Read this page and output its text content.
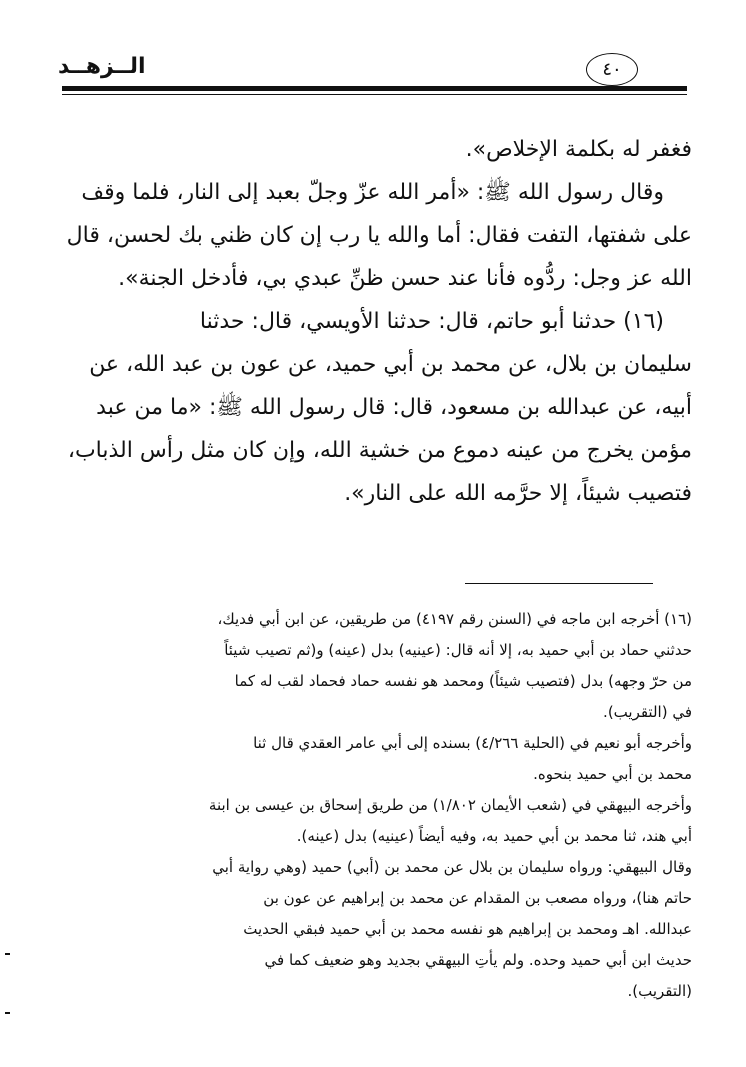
٤٠
الــزهــد

فغفر له بكلمة الإخلاص».

وقال رسول الله ﷺ: «أمر الله عزّ وجلّ بعبد إلى النار، فلما وقف

على شفتها، التفت فقال: أما والله يا رب إن كان ظني بك لحسن، قال

الله عز وجل: ردُّوه فأنا عند حسن ظنِّ عبدي بي، فأدخل الجنة».

(١٦) حدثنا أبو حاتم، قال: حدثنا الأويسي، قال: حدثنا

سليمان بن بلال، عن محمد بن أبي حميد، عن عون بن عبد الله، عن

أبيه، عن عبدالله بن مسعود، قال: قال رسول الله ﷺ: «ما من عبد

مؤمن يخرج من عينه دموع من خشية الله، وإن كان مثل رأس الذباب،

فتصيب شيئاً، إلا حرَّمه الله على النار».

(١٦) أخرجه ابن ماجه في (السنن رقم ٤١٩٧) من طريقين، عن ابن أبي فديك،

حدثني حماد بن أبي حميد به، إلا أنه قال: (عينيه) بدل (عينه) و(ثم تصيب شيئاً

من حرّ وجهه) بدل (فتصيب شيئاً) ومحمد هو نفسه حماد فحماد لقب له كما

في (التقريب).

وأخرجه أبو نعيم في (الحلية ٤/٢٦٦) بسنده إلى أبي عامر العقدي قال ثنا

محمد بن أبي حميد بنحوه.

وأخرجه البيهقي في (شعب الأيمان ١/٨٠٢) من طريق إسحاق بن عيسى بن ابنة

أبي هند، ثنا محمد بن أبي حميد به، وفيه أيضاً (عينيه) بدل (عينه).

وقال البيهقي: ورواه سليمان بن بلال عن محمد بن (أبي) حميد (وهي رواية أبي

حاتم هنا)، ورواه مصعب بن المقدام عن محمد بن إبراهيم عن عون بن

عبدالله. اهـ ومحمد بن إبراهيم هو نفسه محمد بن أبي حميد فبقي الحديث

حديث ابن أبي حميد وحده. ولم يأتِ البيهقي بجديد وهو ضعيف كما في

(التقريب).
